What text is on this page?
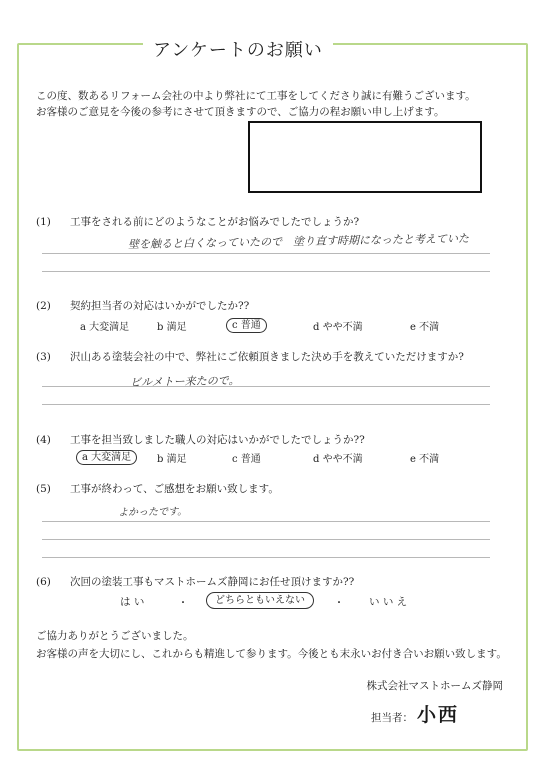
アンケートのお願い
この度、数あるリフォーム会社の中より弊社にて工事をしてくださり誠に有難うございます。
お客様のご意見を今後の参考にさせて頂きますので、ご協力の程お願い申し上げます。
(1) 工事をされる前にどのようなことがお悩みでしたでしょうか?
壁を触ると白くなっていたので　塗り直す時期になったと考えていた
(2) 契約担当者の対応はいかがでしたか??
a 大変満足	b 満足	c 普通	d やや不満	e 不満
(3) 沢山ある塗装会社の中で、弊社にご依頼頂きました決め手を教えていただけますか?
ビルメトー来たので。
(4) 工事を担当致しました職人の対応はいかがでしたでしょうか??
a 大変満足	b 満足	c 普通	d やや不満	e 不満
(5) 工事が終わって、ご感想をお願い致します。
よかったです。
(6) 次回の塗装工事もマストホームズ静岡にお任せ頂けますか??
は い	・	どちらともいえない	・ い い え
ご協力ありがとうございました。
お客様の声を大切にし、これからも精進して参ります。今後とも末永いお付き合いお願い致します。
株式会社マストホームズ静岡
担当者： 小西
